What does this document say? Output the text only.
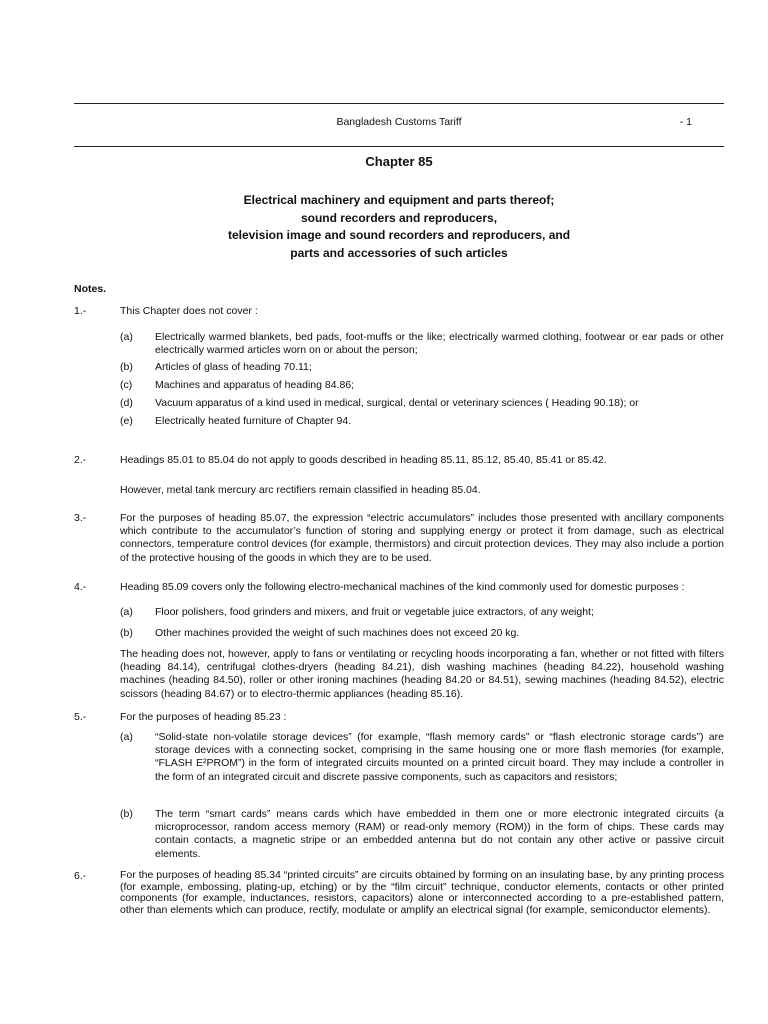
Bangladesh Customs Tariff	- 1
Chapter 85
Electrical machinery and equipment and parts thereof;
sound recorders and reproducers,
television image and sound recorders and reproducers, and
parts and accessories of such articles
Notes.
1.-	This Chapter does not cover :
(a) Electrically warmed blankets, bed pads, foot-muffs or the like; electrically warmed clothing, footwear or ear pads or other electrically warmed articles worn on or about the person;
(b) Articles of glass of heading 70.11;
(c) Machines and apparatus of heading 84.86;
(d) Vacuum apparatus of a kind used in medical, surgical, dental or veterinary sciences ( Heading 90.18); or
(e) Electrically heated furniture of Chapter 94.
2.-	Headings 85.01 to 85.04 do not apply to goods described in heading 85.11, 85.12, 85.40, 85.41 or 85.42.
However, metal tank mercury arc rectifiers remain classified in heading 85.04.
3.-	For the purposes of heading 85.07, the expression “electric accumulators” includes those presented with ancillary components which contribute to the accumulator’s function of storing and supplying energy or protect it from damage, such as electrical connectors, temperature control devices (for example, thermistors) and circuit protection devices. They may also include a portion of the protective housing of the goods in which they are to be used.
4.-	Heading 85.09 covers only the following electro-mechanical machines of the kind commonly used for domestic purposes :
(a) Floor polishers, food grinders and mixers, and fruit or vegetable juice extractors, of any weight;
(b) Other machines provided the weight of such machines does not exceed 20 kg.
The heading does not, however, apply to fans or ventilating or recycling hoods incorporating a fan, whether or not fitted with filters (heading 84.14), centrifugal clothes-dryers (heading 84.21), dish washing machines (heading 84.22), household washing machines (heading 84.50), roller or other ironing machines (heading 84.20 or 84.51), sewing machines (heading 84.52), electric scissors (heading 84.67) or to electro-thermic appliances (heading 85.16).
5.-	For the purposes of heading 85.23 :
(a) “Solid-state non-volatile storage devices” (for example, “flash memory cards” or “flash electronic storage cards”) are storage devices with a connecting socket, comprising in the same housing one or more flash memories (for example, “FLASH E²PROM”) in the form of integrated circuits mounted on a printed circuit board. They may include a controller in the form of an integrated circuit and discrete passive components, such as capacitors and resistors;
(b) The term “smart cards” means cards which have embedded in them one or more electronic integrated circuits (a microprocessor, random access memory (RAM) or read-only memory (ROM)) in the form of chips. These cards may contain contacts, a magnetic stripe or an embedded antenna but do not contain any other active or passive circuit elements.
6.-	For the purposes of heading 85.34 “printed circuits” are circuits obtained by forming on an insulating base, by any printing process (for example, embossing, plating-up, etching) or by the “film circuit” technique, conductor elements, contacts or other printed components (for example, inductances, resistors, capacitors) alone or interconnected according to a pre-established pattern, other than elements which can produce, rectify, modulate or amplify an electrical signal (for example, semiconductor elements).
